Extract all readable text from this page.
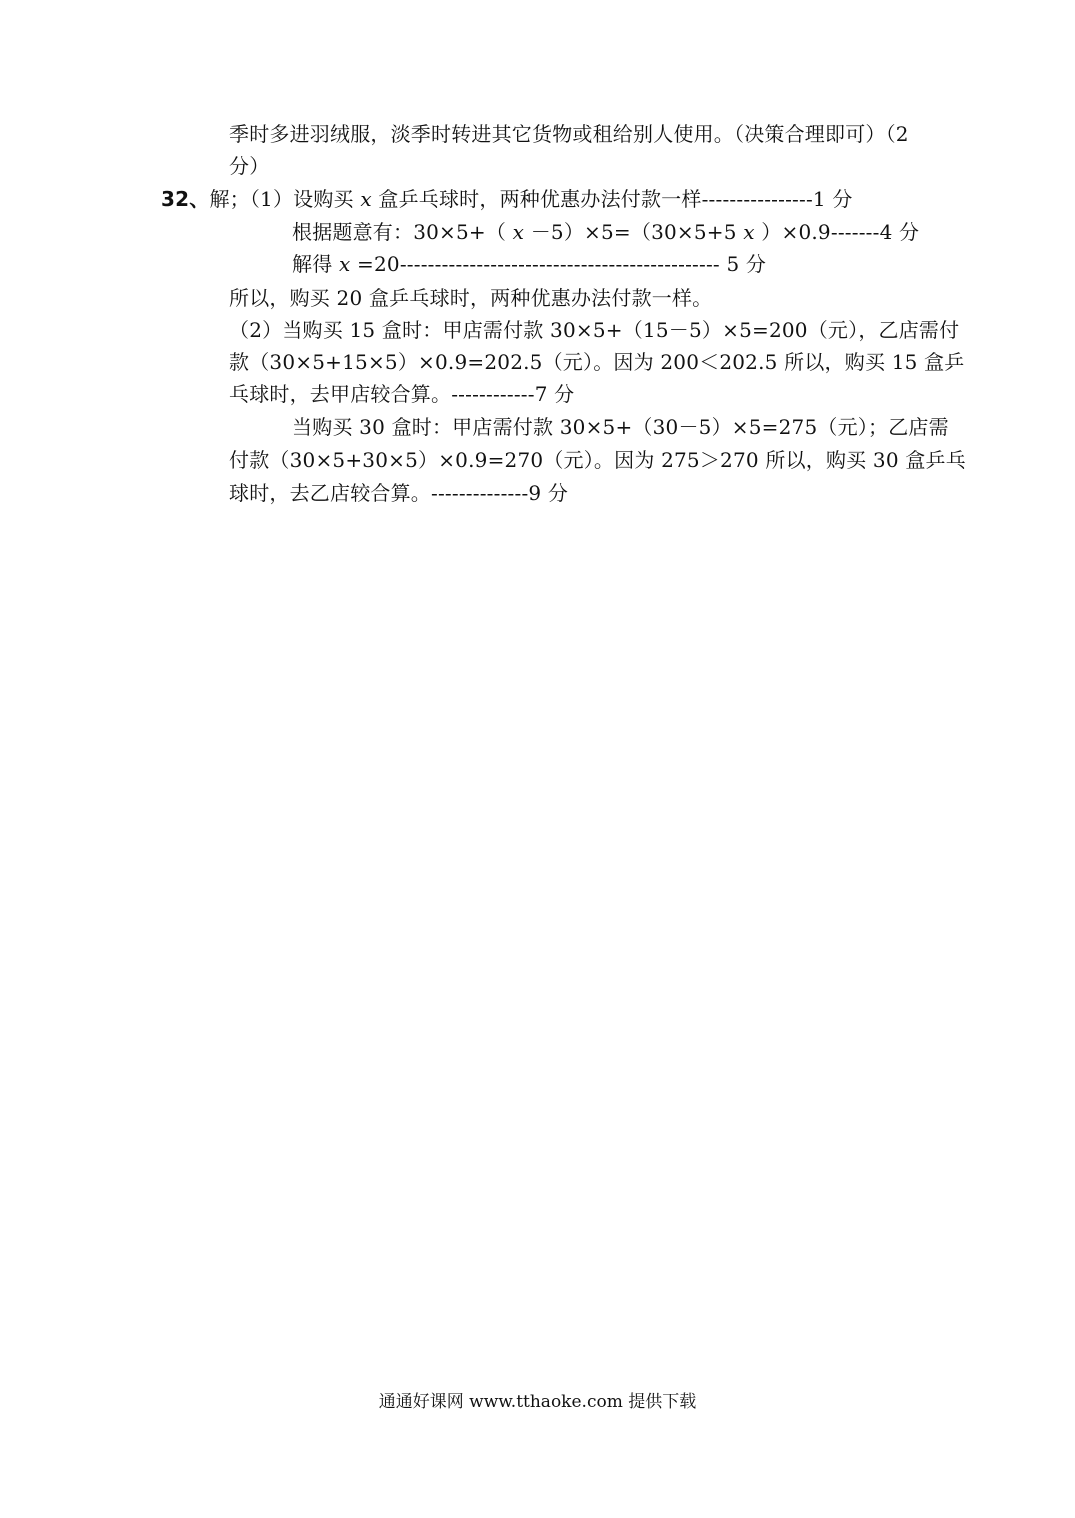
季时多进羽绒服，淡季时转进其它货物或租给别人使用。（决策合理即可）（2
分）
32、解；（1）设购买 x 盒乒乓球时，两种优惠办法付款一样----------------1 分
根据题意有：30×5+（ x －5）×5=（30×5+5 x ）×0.9-------4 分
解得 x =20---------------------------------------------- 5 分
所以，购买 20 盒乒乓球时，两种优惠办法付款一样。
（2）当购买 15 盒时：甲店需付款 30×5+（15－5）×5=200（元），乙店需付
款（30×5+15×5）×0.9=202.5（元）。因为 200＜202.5 所以，购买 15 盒乒
乓球时，去甲店较合算。------------7 分
当购买 30 盒时：甲店需付款 30×5+（30－5）×5=275（元）；乙店需
付款（30×5+30×5）×0.9=270（元）。因为 275＞270 所以，购买 30 盒乒乓
球时，去乙店较合算。--------------9 分
通通好课网 www.tthaoke.com 提供下载
